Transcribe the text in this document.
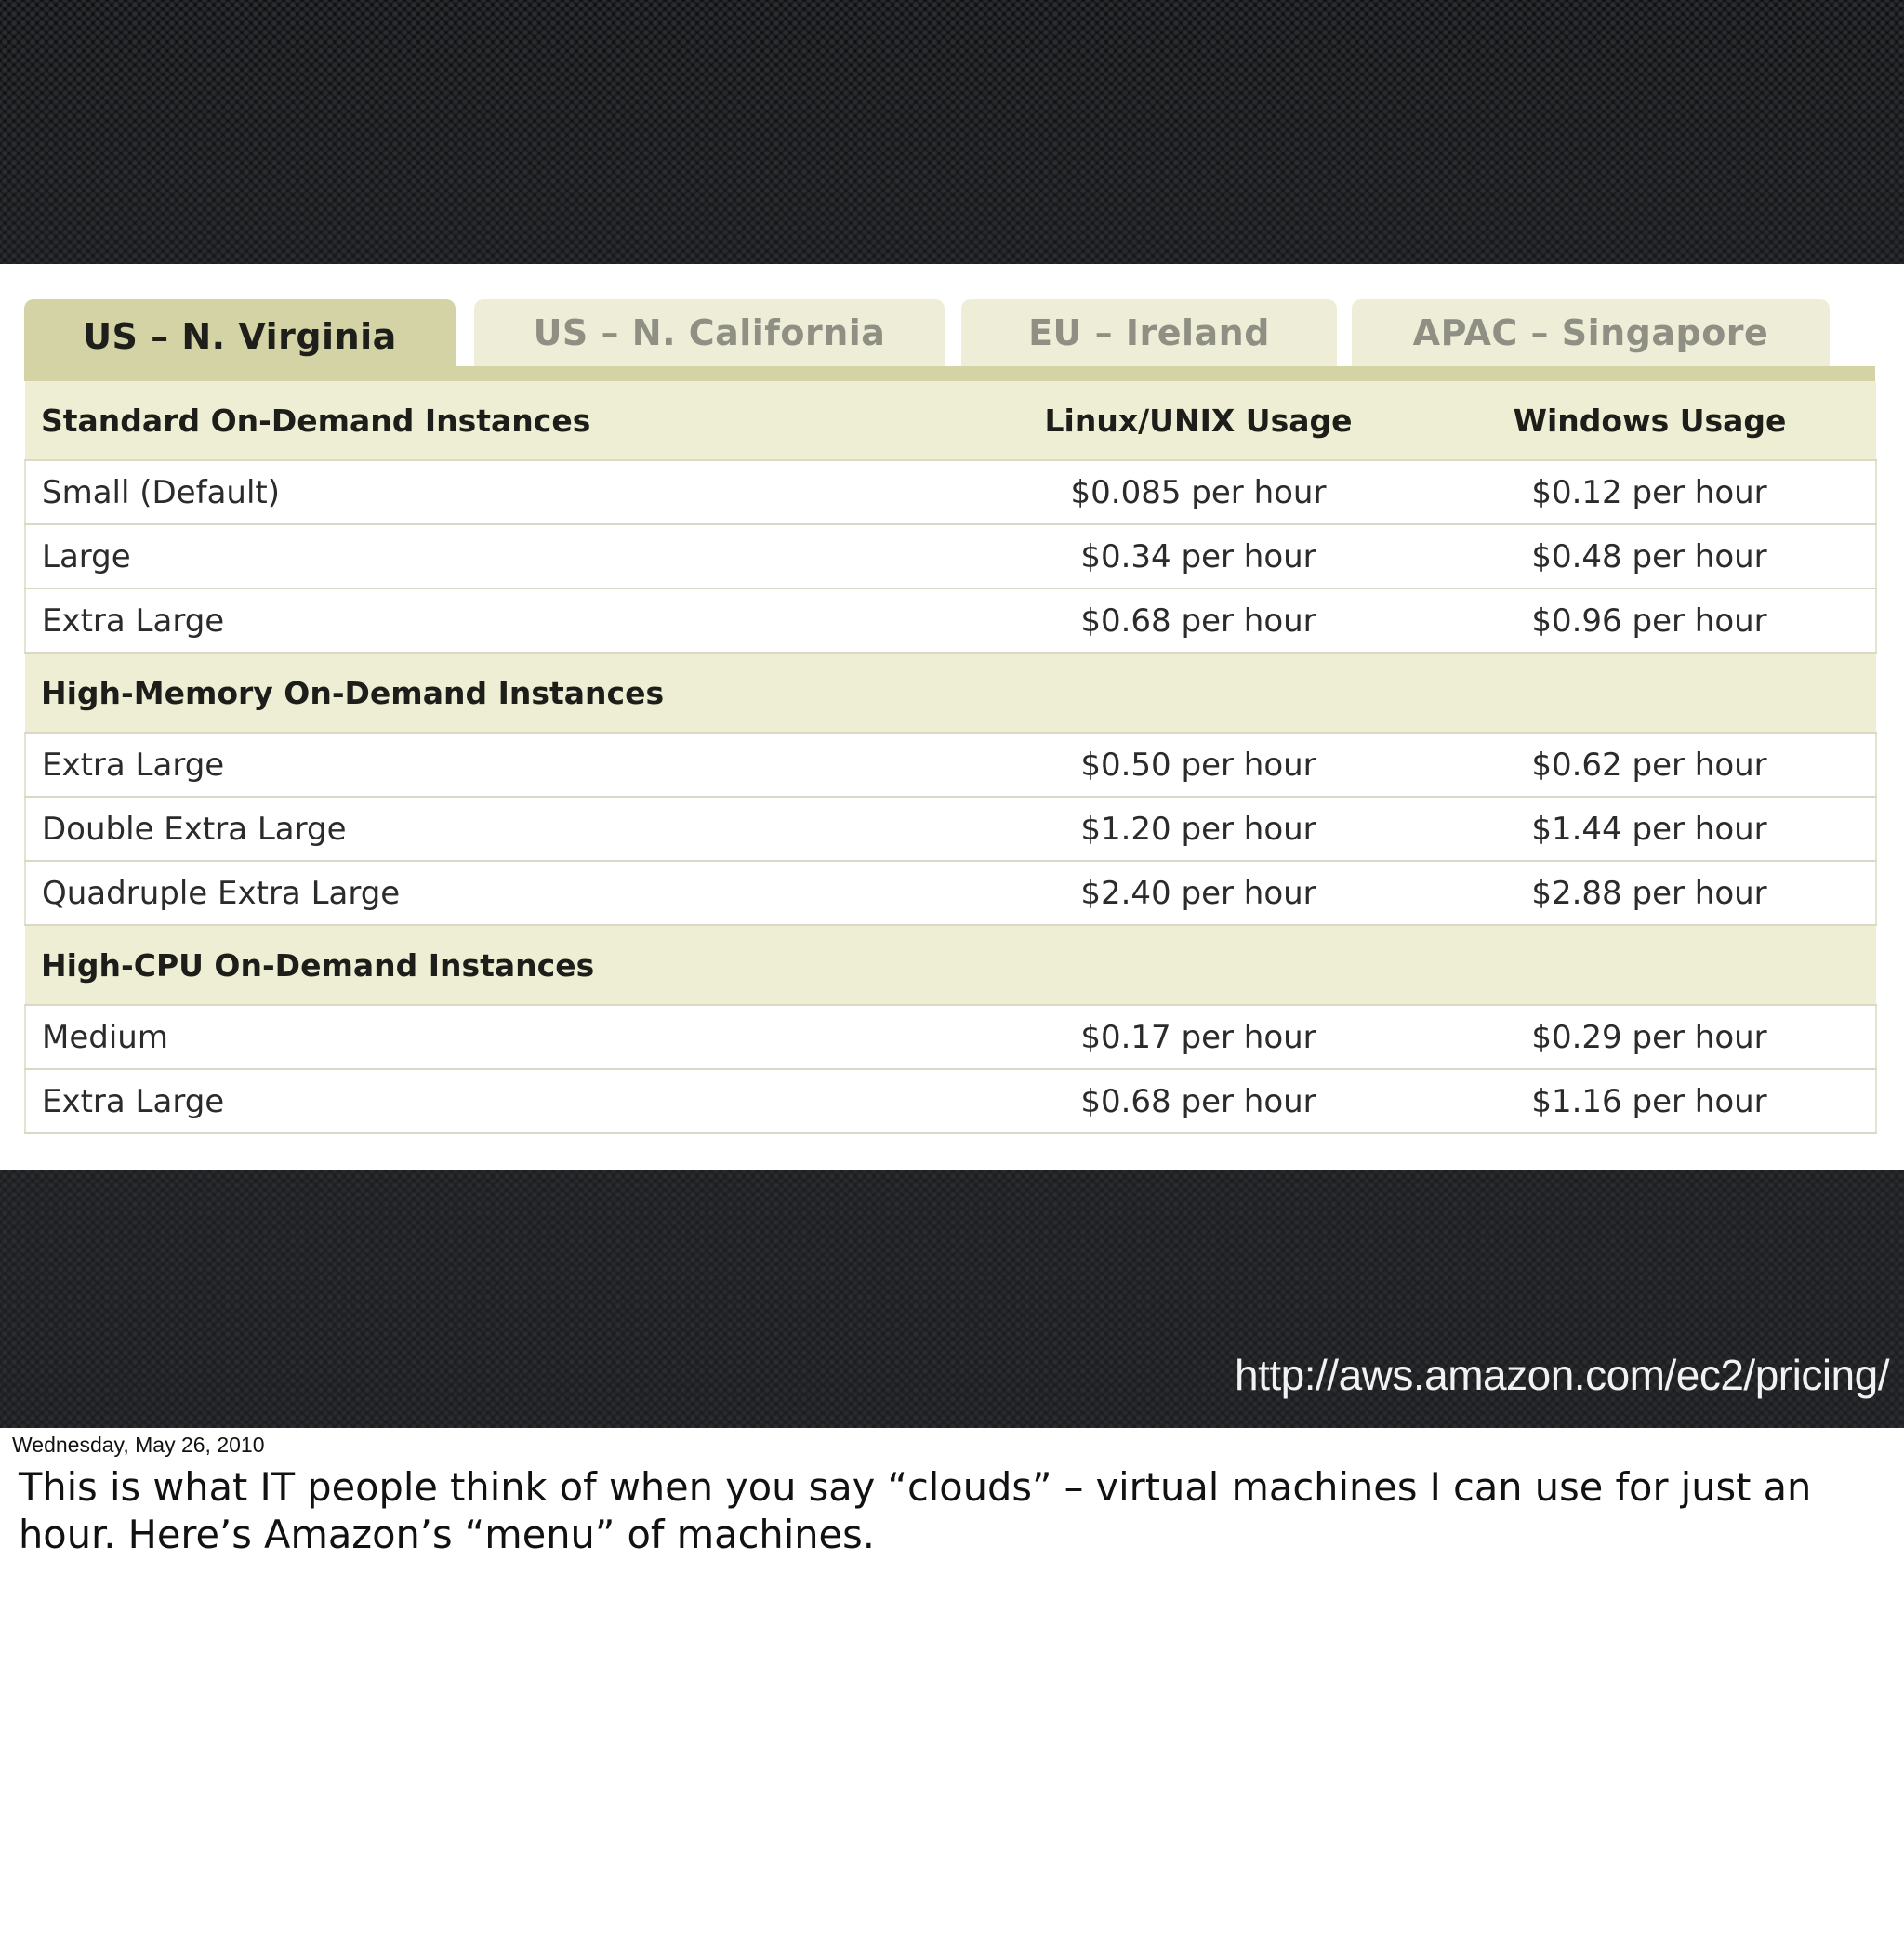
US – N. Virginia	US – N. California	EU – Ireland	APAC – Singapore
Standard On-Demand Instances	Linux/UNIX Usage	Windows Usage
Small (Default)	$0.085 per hour	$0.12 per hour
Large	$0.34 per hour	$0.48 per hour
Extra Large	$0.68 per hour	$0.96 per hour
High-Memory On-Demand Instances		
Extra Large	$0.50 per hour	$0.62 per hour
Double Extra Large	$1.20 per hour	$1.44 per hour
Quadruple Extra Large	$2.40 per hour	$2.88 per hour
High-CPU On-Demand Instances		
Medium	$0.17 per hour	$0.29 per hour
Extra Large	$0.68 per hour	$1.16 per hour
http://aws.amazon.com/ec2/pricing/
Wednesday, May 26, 2010

This is what IT people think of when you say “clouds” – virtual machines I can use for just an hour. Here’s Amazon’s “menu” of machines.
